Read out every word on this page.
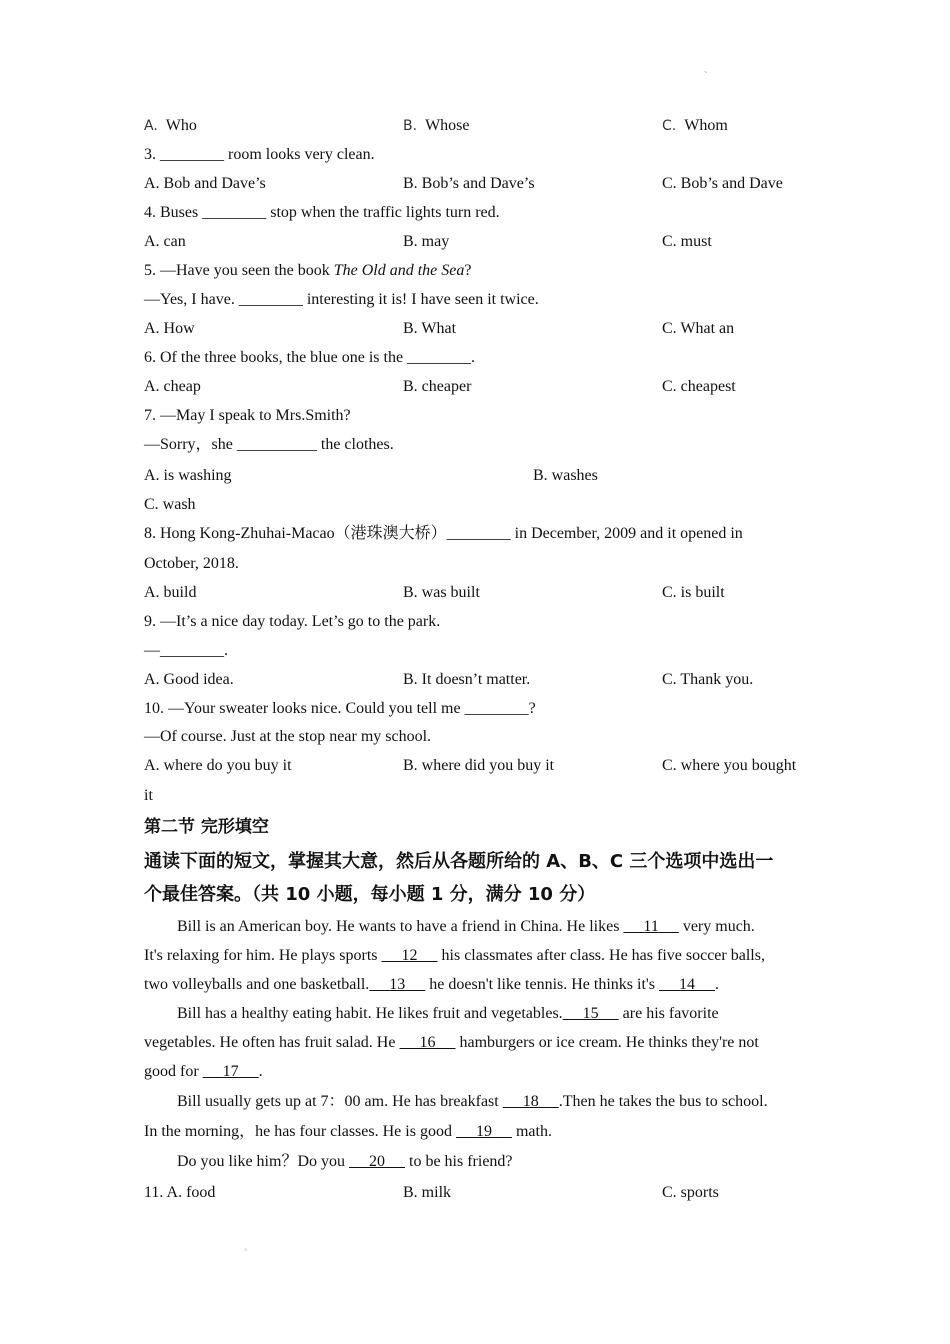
、
A. Who	B. Whose	C. Whom
3. ________ room looks very clean.
A. Bob and Dave’s	B. Bob’s and Dave’s	C. Bob’s and Dave
4. Buses ________ stop when the traffic lights turn red.
A. can	B. may	C. must
5. —Have you seen the book The Old and the Sea?
—Yes, I have. ________ interesting it is! I have seen it twice.
A. How	B. What	C. What an
6. Of the three books, the blue one is the ________.
A. cheap	B. cheaper	C. cheapest
7. —May I speak to Mrs.Smith?
—Sorry，she __________ the clothes.
A. is washing	B. washes
C. wash
8. Hong Kong-Zhuhai-Macao（港珠澳大桥）________ in December, 2009 and it opened in
October, 2018.
A. build	B. was built	C. is built
9. —It’s a nice day today. Let’s go to the park.
—________.
A. Good idea.	B. It doesn’t matter.	C. Thank you.
10. —Your sweater looks nice. Could you tell me ________?
—Of course. Just at the stop near my school.
A. where do you buy it	B. where did you buy it	C. where you bought
it
第二节 完形填空
通读下面的短文，掌握其大意，然后从各题所给的 A、B、C 三个选项中选出一
个最佳答案。（共 10 小题，每小题 1 分，满分 10 分）
Bill is an American boy. He wants to have a friend in China. He likes      11      very much.
It's relaxing for him. He plays sports      12      his classmates after class. He has five soccer balls,
two volleyballs and one basketball. 13      he doesn't like tennis. He thinks it's      14 .
Bill has a healthy eating habit. He likes fruit and vegetables. 15      are his favorite
vegetables. He often has fruit salad. He      16      hamburgers or ice cream. He thinks they're not
good for      17 .
Bill usually gets up at 7：00 am. He has breakfast      18 .Then he takes the bus to school.
In the morning，he has four classes. He is good      19      math.
Do you like him？Do you      20      to be his friend?
11. A. food	B. milk	C. sports
。
